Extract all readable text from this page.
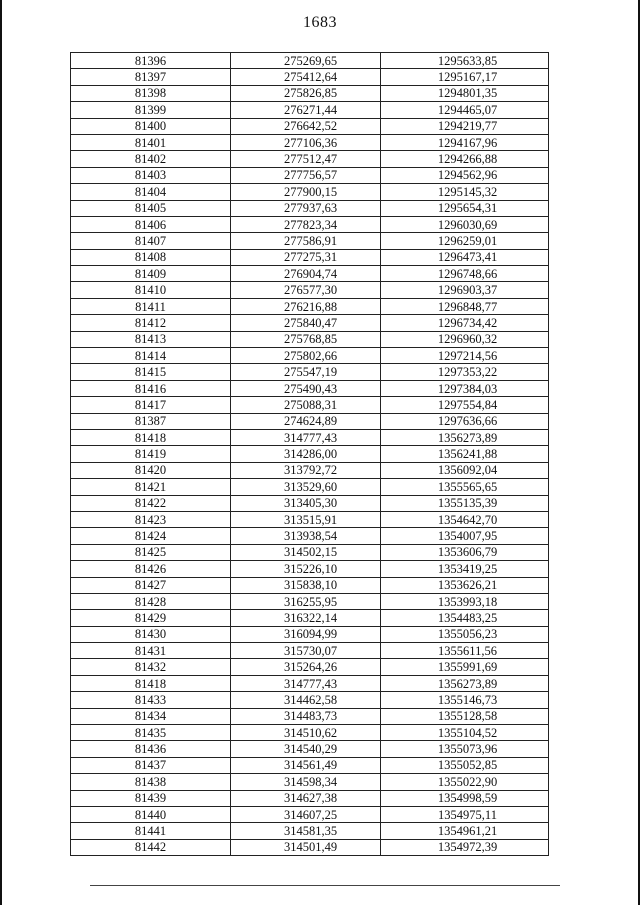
1683
81396	275269,65	1295633,85
81397	275412,64	1295167,17
81398	275826,85	1294801,35
81399	276271,44	1294465,07
81400	276642,52	1294219,77
81401	277106,36	1294167,96
81402	277512,47	1294266,88
81403	277756,57	1294562,96
81404	277900,15	1295145,32
81405	277937,63	1295654,31
81406	277823,34	1296030,69
81407	277586,91	1296259,01
81408	277275,31	1296473,41
81409	276904,74	1296748,66
81410	276577,30	1296903,37
81411	276216,88	1296848,77
81412	275840,47	1296734,42
81413	275768,85	1296960,32
81414	275802,66	1297214,56
81415	275547,19	1297353,22
81416	275490,43	1297384,03
81417	275088,31	1297554,84
81387	274624,89	1297636,66
81418	314777,43	1356273,89
81419	314286,00	1356241,88
81420	313792,72	1356092,04
81421	313529,60	1355565,65
81422	313405,30	1355135,39
81423	313515,91	1354642,70
81424	313938,54	1354007,95
81425	314502,15	1353606,79
81426	315226,10	1353419,25
81427	315838,10	1353626,21
81428	316255,95	1353993,18
81429	316322,14	1354483,25
81430	316094,99	1355056,23
81431	315730,07	1355611,56
81432	315264,26	1355991,69
81418	314777,43	1356273,89
81433	314462,58	1355146,73
81434	314483,73	1355128,58
81435	314510,62	1355104,52
81436	314540,29	1355073,96
81437	314561,49	1355052,85
81438	314598,34	1355022,90
81439	314627,38	1354998,59
81440	314607,25	1354975,11
81441	314581,35	1354961,21
81442	314501,49	1354972,39
